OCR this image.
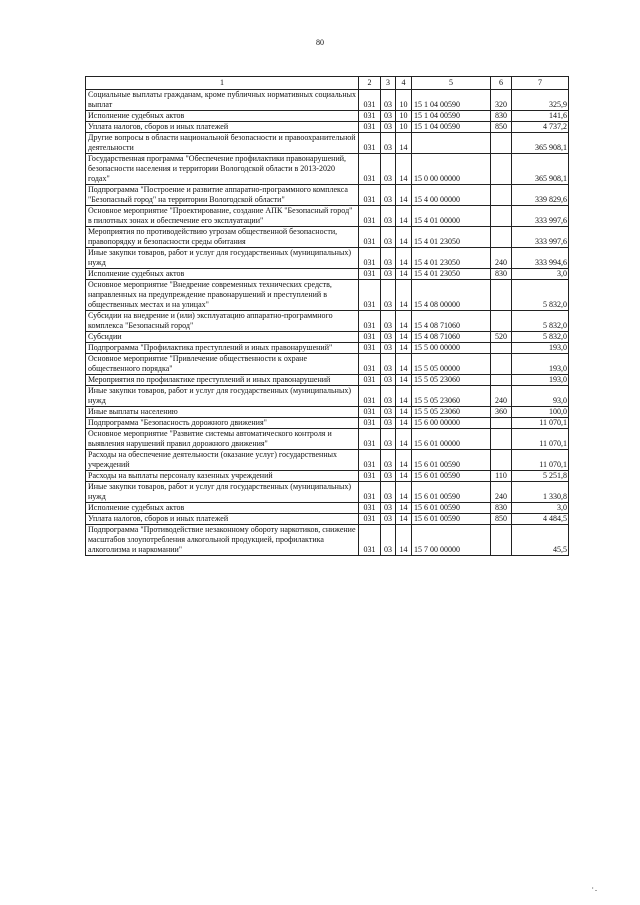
80
1	2	3	4	5	6	7
Социальные выплаты гражданам, кроме публичных нормативных социальных выплат	031	03	10	15 1 04 00590	320	325,9
Исполнение судебных актов	031	03	10	15 1 04 00590	830	141,6
Уплата налогов, сборов и иных платежей	031	03	10	15 1 04 00590	850	4 737,2
Другие вопросы в области национальной безопасности и правоохранительной деятельности	031	03	14			365 908,1
Государственная программа "Обеспечение профилактики правонарушений, безопасности населения и территории Вологодской области в 2013-2020 годах"	031	03	14	15 0 00 00000		365 908,1
Подпрограмма "Построение и развитие аппаратно-программного комплекса "Безопасный город" на территории Вологодской области"	031	03	14	15 4 00 00000		339 829,6
Основное мероприятие "Проектирование, создание АПК "Безопасный город" в пилотных зонах и обеспечение его эксплуатации"	031	03	14	15 4 01 00000		333 997,6
Мероприятия по противодействию угрозам общественной безопасности, правопорядку и безопасности среды обитания	031	03	14	15 4 01 23050		333 997,6
Иные закупки товаров, работ и услуг для государственных (муниципальных) нужд	031	03	14	15 4 01 23050	240	333 994,6
Исполнение судебных актов	031	03	14	15 4 01 23050	830	3,0
Основное мероприятие "Внедрение современных технических средств, направленных на предупреждение правонарушений и преступлений в общественных местах и на улицах"	031	03	14	15 4 08 00000		5 832,0
Субсидии на внедрение и (или) эксплуатацию аппаратно-программного комплекса "Безопасный город"	031	03	14	15 4 08 71060		5 832,0
Субсидии	031	03	14	15 4 08 71060	520	5 832,0
Подпрограмма "Профилактика преступлений и иных правонарушений"	031	03	14	15 5 00 00000		193,0
Основное мероприятие "Привлечение общественности к охране общественного порядка"	031	03	14	15 5 05 00000		193,0
Мероприятия по профилактике преступлений и иных правонарушений	031	03	14	15 5 05 23060		193,0
Иные закупки товаров, работ и услуг для государственных (муниципальных) нужд	031	03	14	15 5 05 23060	240	93,0
Иные выплаты населению	031	03	14	15 5 05 23060	360	100,0
Подпрограмма "Безопасность дорожного движения"	031	03	14	15 6 00 00000		11 070,1
Основное мероприятие "Развитие системы автоматического контроля и выявления нарушений правил дорожного движения"	031	03	14	15 6 01 00000		11 070,1
Расходы на обеспечение деятельности (оказание услуг) государственных учреждений	031	03	14	15 6 01 00590		11 070,1
Расходы на выплаты персоналу казенных учреждений	031	03	14	15 6 01 00590	110	5 251,8
Иные закупки товаров, работ и услуг для государственных (муниципальных) нужд	031	03	14	15 6 01 00590	240	1 330,8
Исполнение судебных актов	031	03	14	15 6 01 00590	830	3,0
Уплата налогов, сборов и иных платежей	031	03	14	15 6 01 00590	850	4 484,5
Подпрограмма "Противодействие незаконному обороту наркотиков, снижение масштабов злоупотребления алкогольной продукцией, профилактика алкоголизма и наркомании"	031	03	14	15 7 00 00000		45,5
·.
